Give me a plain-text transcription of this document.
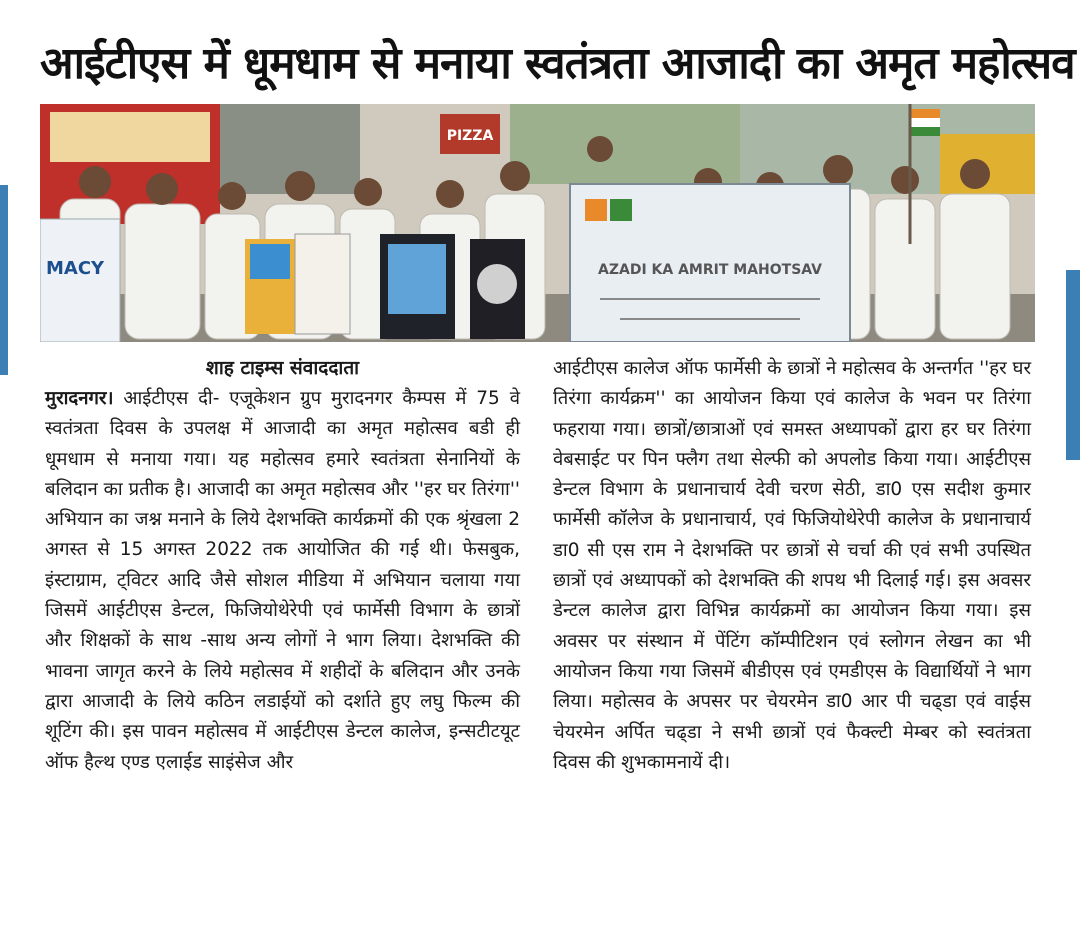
आईटीएस में धूमधाम से मनाया स्वतंत्रता आजादी का अमृत महोत्सव
PIZZA
MACY	AZADI KA AMRIT MAHOTSAV
शाह टाइम्स संवाददाता
मुरादनगर। आईटीएस दी- एजूकेशन ग्रुप मुरादनगर कैम्पस में 75 वे स्वतंत्रता दिवस के उपलक्ष में आजादी का अमृत महोत्सव बडी ही धूमधाम से मनाया गया। यह महोत्सव हमारे स्वतंत्रता सेनानियों के बलिदान का प्रतीक है। आजादी का अमृत महोत्सव और ''हर घर तिरंगा'' अभियान का जश्न मनाने के लिये देशभक्ति कार्यक्रमों की एक श्रृंखला 2 अगस्त से 15 अगस्त 2022 तक आयोजित की गई थी। फेसबुक, इंस्टाग्राम, ट्विटर आदि जैसे सोशल मीडिया में अभियान चलाया गया जिसमें आईटीएस डेन्टल, फिजियोथेरेपी एवं फार्मेसी विभाग के छात्रों और शिक्षकों के साथ -साथ अन्य लोगों ने भाग लिया। देशभक्ति की भावना जागृत करने के लिये महोत्सव में शहीदों के बलिदान और उनके द्वारा आजादी के लिये कठिन लडाईयों को दर्शाते हुए लघु फिल्म की शूटिंग की। इस पावन महोत्सव में आईटीएस डेन्टल कालेज, इन्सटीटयूट ऑफ हैल्थ एण्ड एलाईड साइंसेज और
आईटीएस कालेज ऑफ फार्मेसी के छात्रों ने महोत्सव के अन्तर्गत ''हर घर तिरंगा कार्यक्रम'' का आयोजन किया एवं कालेज के भवन पर तिरंगा फहराया गया। छात्रों/छात्राओं एवं समस्त अध्यापकों द्वारा हर घर तिरंगा वेबसाईट पर पिन फ्लैग तथा सेल्फी को अपलोड किया गया। आईटीएस डेन्टल विभाग के प्रधानाचार्य देवी चरण सेठी, डा0 एस सदीश कुमार फार्मेसी कॉलेज के प्रधानाचार्य, एवं फिजियोथेरेपी कालेज के प्रधानाचार्य डा0 सी एस राम ने देशभक्ति पर छात्रों से चर्चा की एवं सभी उपस्थित छात्रों एवं अध्यापकों को देशभक्ति की शपथ भी दिलाई गई। इस अवसर डेन्टल कालेज द्वारा विभिन्न कार्यक्रमों का आयोजन किया गया। इस अवसर पर संस्थान में पेंटिंग कॉम्पीटिशन एवं स्लोगन लेखन का भी आयोजन किया गया जिसमें बीडीएस एवं एमडीएस के विद्यार्थियों ने भाग लिया। महोत्सव के अपसर पर चेयरमेन डा0 आर पी चढ्डा एवं वाईस चेयरमेन अर्पित चढ्डा ने सभी छात्रों एवं फैक्ल्टी मेम्बर को स्वतंत्रता दिवस की शुभकामनायें दी।
